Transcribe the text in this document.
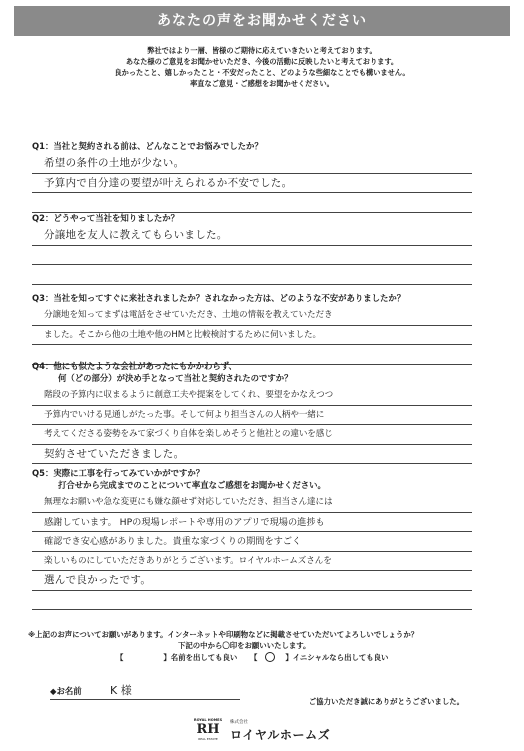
あなたの声をお聞かせください
弊社ではより一層、皆様のご期待に応えていきたいと考えております。
あなた様のご意見をお聞かせいただき、今後の活動に反映したいと考えております。
良かったこと、嬉しかったこと・不安だったこと、どのような些細なことでも構いません。
率直なご意見・ご感想をお聞かせください。
Q1：当社と契約される前は、どんなことでお悩みでしたか？
希望の条件の土地が少ない。
予算内で自分達の要望が叶えられるか不安でした。
Q2：どうやって当社を知りましたか？
分譲地を友人に教えてもらいました。
Q3：当社を知ってすぐに来社されましたか？されなかった方は、どのような不安がありましたか？
分譲地を知ってまずは電話をさせていただき、土地の情報を教えていただき
ました。そこから他の土地や他のHMと比較検討するために伺いました。
Q4：他にも似たような会社があったにもかかわらず、
何（どの部分）が決め手となって当社と契約されたのですか？
階段の予算内に収まるように創意工夫や提案をしてくれ、要望をかなえつつ
予算内でいける見通しがたった事。そして何より担当さんの人柄や一緒に
考えてくださる姿勢をみて家づくり自体を楽しめそうと他社との違いを感じ
契約させていただきました。
Q5：実際に工事を行ってみていかがですか？
打合せから完成までのことについて率直なご感想をお聞かせください。
無理なお願いや急な変更にも嫌な顔せず対応していただき、担当さん達には
感謝しています。 HPの現場レポートや専用のアプリで現場の進捗も
確認でき安心感がありました。貴重な家づくりの期間をすごく
楽しいものにしていただきありがとうございます。ロイヤルホームズさんを
選んで良かったです。
※上記のお声についてお願いがあります。インターネットや印刷物などに掲載させていただいてよろしいでしょうか？
下記の中から〇印をお願いいたします。
【	】名前を出しても良い 【	】イニシャルなら出しても良い
◆お名前	K 様
ご協力いただき誠にありがとうございました。
ROYAL HOMES
RH
REAL ESTATE
株式会社
ロイヤルホームズ
